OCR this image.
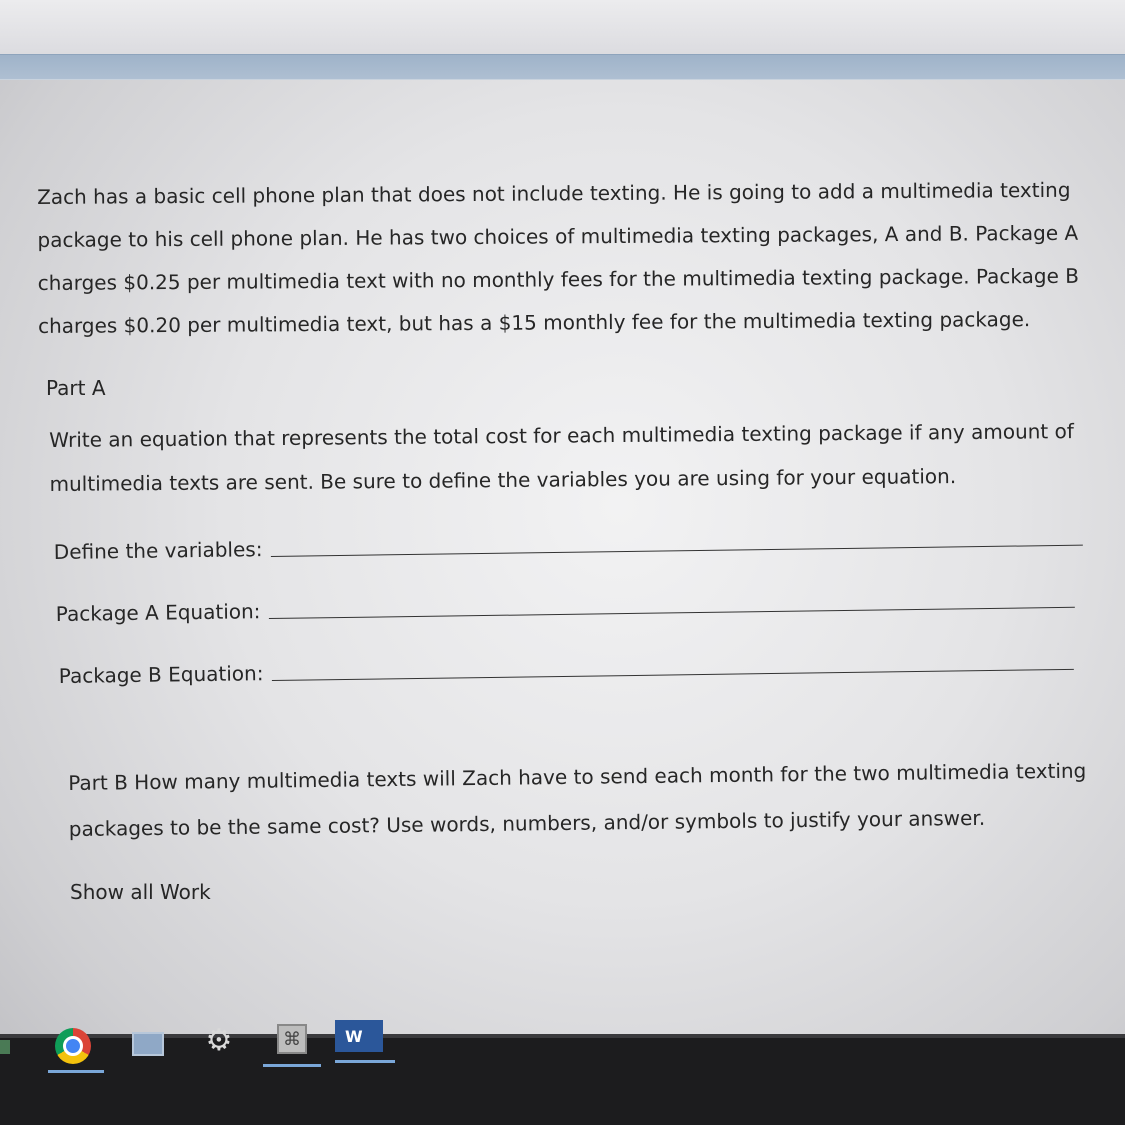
Zach has a basic cell phone plan that does not include texting. He is going to add a multimedia texting package to his cell phone plan. He has two choices of multimedia texting packages, A and B. Package A charges $0.25 per multimedia text with no monthly fees for the multimedia texting package. Package B charges $0.20 per multimedia text, but has a $15 monthly fee for the multimedia texting package.

Part A

Write an equation that represents the total cost for each multimedia texting package if any amount of multimedia texts are sent. Be sure to define the variables you are using for your equation.

Define the variables:
Package A Equation:
Package B Equation:

Part B How many multimedia texts will Zach have to send each month for the two multimedia texting packages to be the same cost? Use words, numbers, and/or symbols to justify your answer.

Show all Work

⚙	⌘	W
